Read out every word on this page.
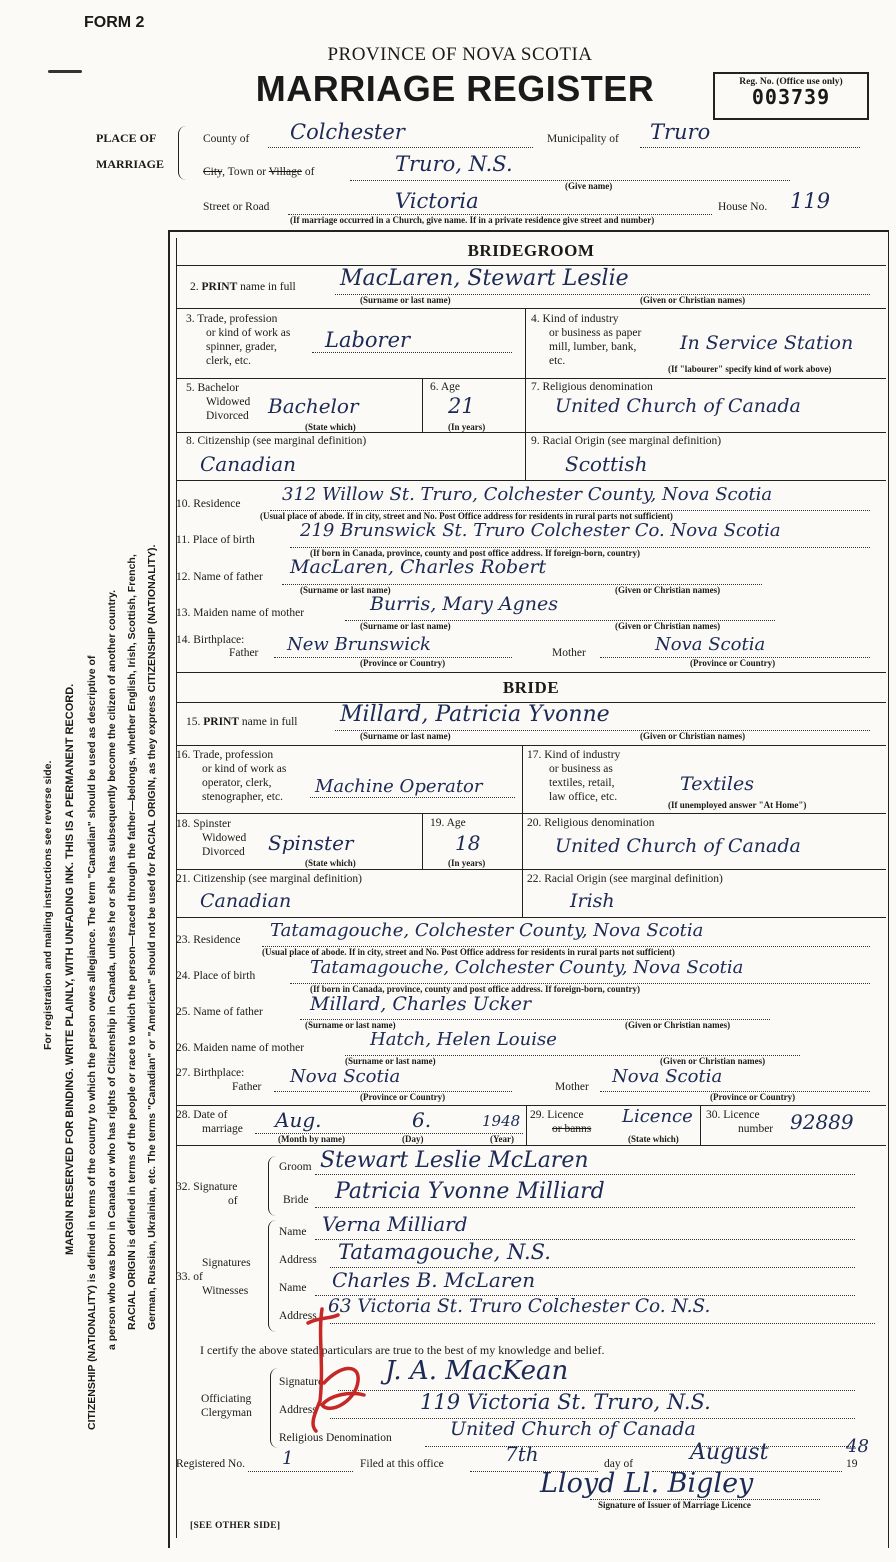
For registration and mailing instructions see reverse side. MARGIN RESERVED FOR BINDING. WRITE PLAINLY, WITH UNFADING INK. THIS IS A PERMANENT RECORD. CITIZENSHIP (NATIONALITY) is defined in terms of the country to which the person owes allegiance. The term "Canadian" should be used as descriptive of a person who was born in Canada or who has rights of Citizenship in Canada, unless he or she has subsequently become the citizen of another country. RACIAL ORIGIN is defined in terms of the people or race to which the person—traced through the father—belongs, whether English, Irish, Scottish, French, German, Russian, Ukrainian, etc. The terms "Canadian" or "American" should not be used for RACIAL ORIGIN, as they express CITIZENSHIP (NATIONALITY).
FORM 2
PROVINCE OF NOVA SCOTIA
MARRIAGE REGISTER	Reg. No. (Office use only)
003739
PLACE OF
MARRIAGE
County of Colchester	Municipality of Truro
City, Town or Village of	Truro, N.S.
(Give name)
Street or Road	Victoria	House No. 119
(If marriage occurred in a Church, give name. If in a private residence give street and number)
BRIDEGROOM
2. PRINT name in full MacLaren, Stewart Leslie
(Surname or last name)	(Given or Christian names)
3. Trade, profession
or kind of work as
spinner, grader,
clerk, etc.
Laborer
4. Kind of industry
or business as paper
mill, lumber, bank,
etc.
In Service Station
(If "labourer" specify kind of work above)
5. Bachelor
Widowed
Divorced Bachelor
(State which)
6. Age
21
(In years)
7. Religious denomination
United Church of Canada
8. Citizenship (see marginal definition)
Canadian
9. Racial Origin (see marginal definition)
Scottish
10. Residence 312 Willow St. Truro, Colchester County, Nova Scotia
(Usual place of abode. If in city, street and No. Post Office address for residents in rural parts not sufficient)
11. Place of birth	219 Brunswick St. Truro Colchester Co. Nova Scotia
(If born in Canada, province, county and post office address. If foreign-born, country)
12. Name of father MacLaren, Charles Robert
(Surname or last name)	(Given or Christian names)
13. Maiden name of mother	Burris, Mary Agnes
(Surname or last name)	(Given or Christian names)
14. Birthplace:
Father New Brunswick	Mother	Nova Scotia
(Province or Country)	(Province or Country)
BRIDE
15. PRINT name in full Millard, Patricia Yvonne
(Surname or last name)	(Given or Christian names)
16. Trade, profession
or kind of work as
operator, clerk,
stenographer, etc. Machine Operator
17. Kind of industry
or business as
textiles, retail,
law office, etc.
Textiles
(If unemployed answer "At Home")
18. Spinster
Widowed
Divorced Spinster
(State which)
19. Age
18
(In years)
20. Religious denomination
United Church of Canada
21. Citizenship (see marginal definition)
Canadian
22. Racial Origin (see marginal definition)
Irish
23. Residence Tatamagouche, Colchester County, Nova Scotia
(Usual place of abode. If in city, street and No. Post Office address for residents in rural parts not sufficient)
24. Place of birth	Tatamagouche, Colchester County, Nova Scotia
(If born in Canada, province, county and post office address. If foreign-born, country)
25. Name of father Millard, Charles Ucker
(Surname or last name)	(Given or Christian names)
26. Maiden name of mother	Hatch, Helen Louise
(Surname or last name)	(Given or Christian names)
27. Birthplace:
Father Nova Scotia	Mother Nova Scotia
(Province or Country)	(Province or Country)
28. Date of
marriage Aug.	6.	1948
(Month by name)	(Day)	(Year)
29. Licence
or banns
Licence
(State which)
30. Licence
number 92889
32. Signature
of
Groom Stewart Leslie McLaren
Bride Patricia Yvonne Milliard
Signatures
33. of
Witnesses
Name Verna Milliard
Address Tatamagouche, N.S.
Name Charles B. McLaren
Address 63 Victoria St. Truro Colchester Co. N.S.
I certify the above stated particulars are true to the best of my knowledge and belief.
Officiating
Clergyman
Signature J. A. MacKean
Address	119 Victoria St. Truro, N.S.
Religious Denomination	United Church of Canada
Registered No. 1	Filed at this office	7th	day of	August	19
48
Lloyd Ll. Bigley
Signature of Issuer of Marriage Licence
[SEE OTHER SIDE]
